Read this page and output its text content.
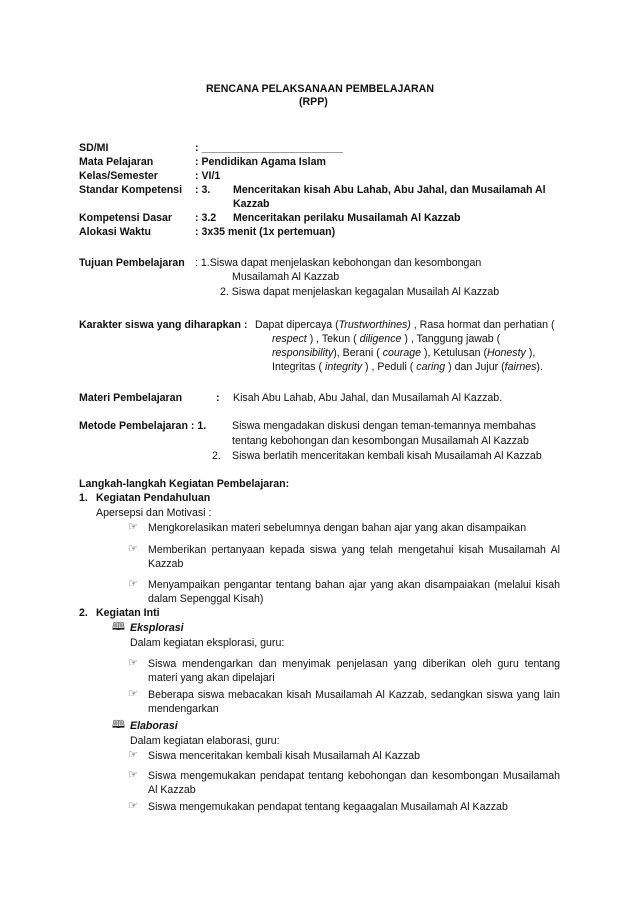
RENCANA PELAKSANAAN PEMBELAJARAN
(RPP)
SD/MI	: ________________________
Mata Pelajaran	: Pendidikan Agama Islam
Kelas/Semester	: VI/1
Standar Kompetensi : 3. Menceritakan kisah Abu Lahab, Abu Jahal, dan Musailamah Al
Kazzab
Kompetensi Dasar : 3.2 Menceritakan perilaku Musailamah Al Kazzab
Alokasi Waktu	: 3x35 menit (1x pertemuan)
Tujuan Pembelajaran : 1.Siswa dapat menjelaskan kebohongan dan kesombongan
Musailamah Al Kazzab
2. Siswa dapat menjelaskan kegagalan Musailah Al Kazzab
Karakter siswa yang diharapkan : Dapat dipercaya (Trustworthines) , Rasa hormat dan perhatian (
respect ) , Tekun ( diligence ) , Tanggung jawab (
responsibility), Berani ( courage ), Ketulusan (Honesty ),
Integritas ( integrity ) , Peduli ( caring ) dan Jujur (fairnes).
Materi Pembelajaran	: Kisah Abu Lahab, Abu Jahal, dan Musailamah Al Kazzab.
Metode Pembelajaran : 1. Siswa mengadakan diskusi dengan teman-temannya membahas
tentang kebohongan dan kesombongan Musailamah Al Kazzab
2. Siswa berlatih menceritakan kembali kisah Musailamah Al Kazzab
Langkah-langkah Kegiatan Pembelajaran:
1. Kegiatan Pendahuluan
Apersepsi dan Motivasi :
☞ Mengkorelasikan materi sebelumnya dengan bahan ajar yang akan disampaikan
☞ Memberikan pertanyaan kepada siswa yang telah mengetahui kisah Musailamah Al
Kazzab
☞ Menyampaikan pengantar tentang bahan ajar yang akan disampaiakan (melalui kisah
dalam Sepenggal Kisah)
2. Kegiatan Inti
🕮 Eksplorasi
Dalam kegiatan eksplorasi, guru:
☞ Siswa mendengarkan dan menyimak penjelasan yang diberikan oleh guru tentang
materi yang akan dipelajari
☞ Beberapa siswa mebacakan kisah Musailamah Al Kazzab, sedangkan siswa yang lain
mendengarkan
🕮 Elaborasi
Dalam kegiatan elaborasi, guru:
☞ Siswa menceritakan kembali kisah Musailamah Al Kazzab
☞ Siswa mengemukakan pendapat tentang kebohongan dan kesombongan Musailamah
Al Kazzab
☞ Siswa mengemukakan pendapat tentang kegaagalan Musailamah Al Kazzab
